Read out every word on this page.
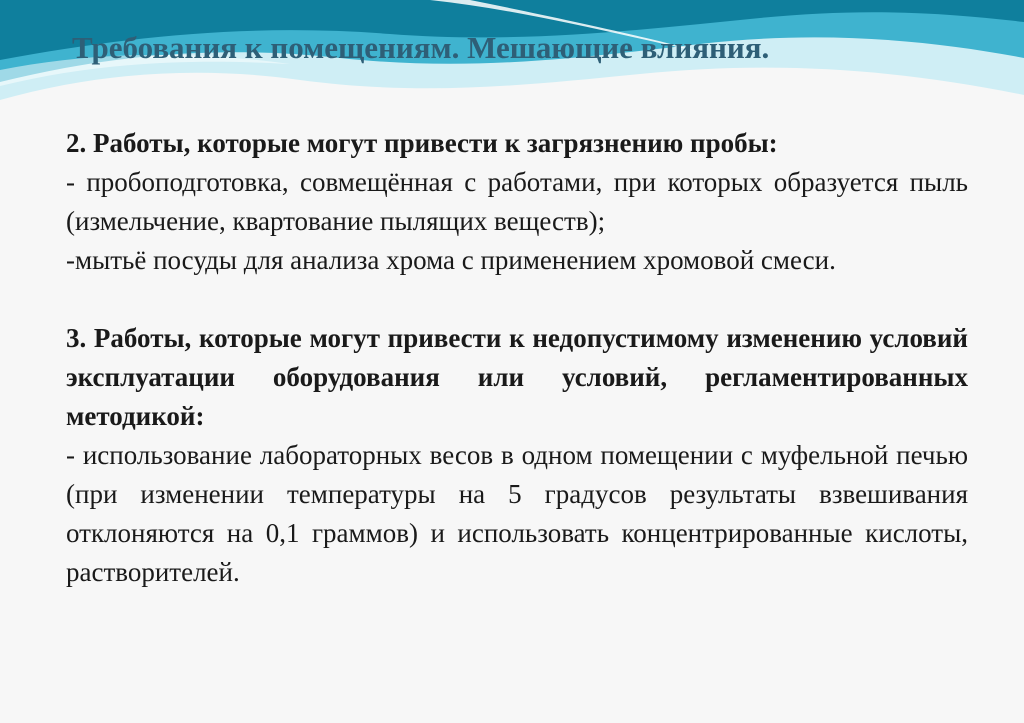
Требования к помещениям. Мешающие влияния.

2. Работы, которые могут привести к загрязнению пробы:

- пробоподготовка, совмещённая с работами, при которых образуется пыль (измельчение, квартование пылящих веществ);

-мытьё посуды для анализа хрома с применением хромовой смеси.

3. Работы, которые могут привести к недопустимому изменению условий эксплуатации оборудования или условий, регламентированных методикой:

- использование лабораторных весов в одном помещении с муфельной печью (при изменении температуры на 5 градусов результаты взвешивания отклоняются на 0,1 граммов) и использовать концентрированные кислоты, растворителей.
